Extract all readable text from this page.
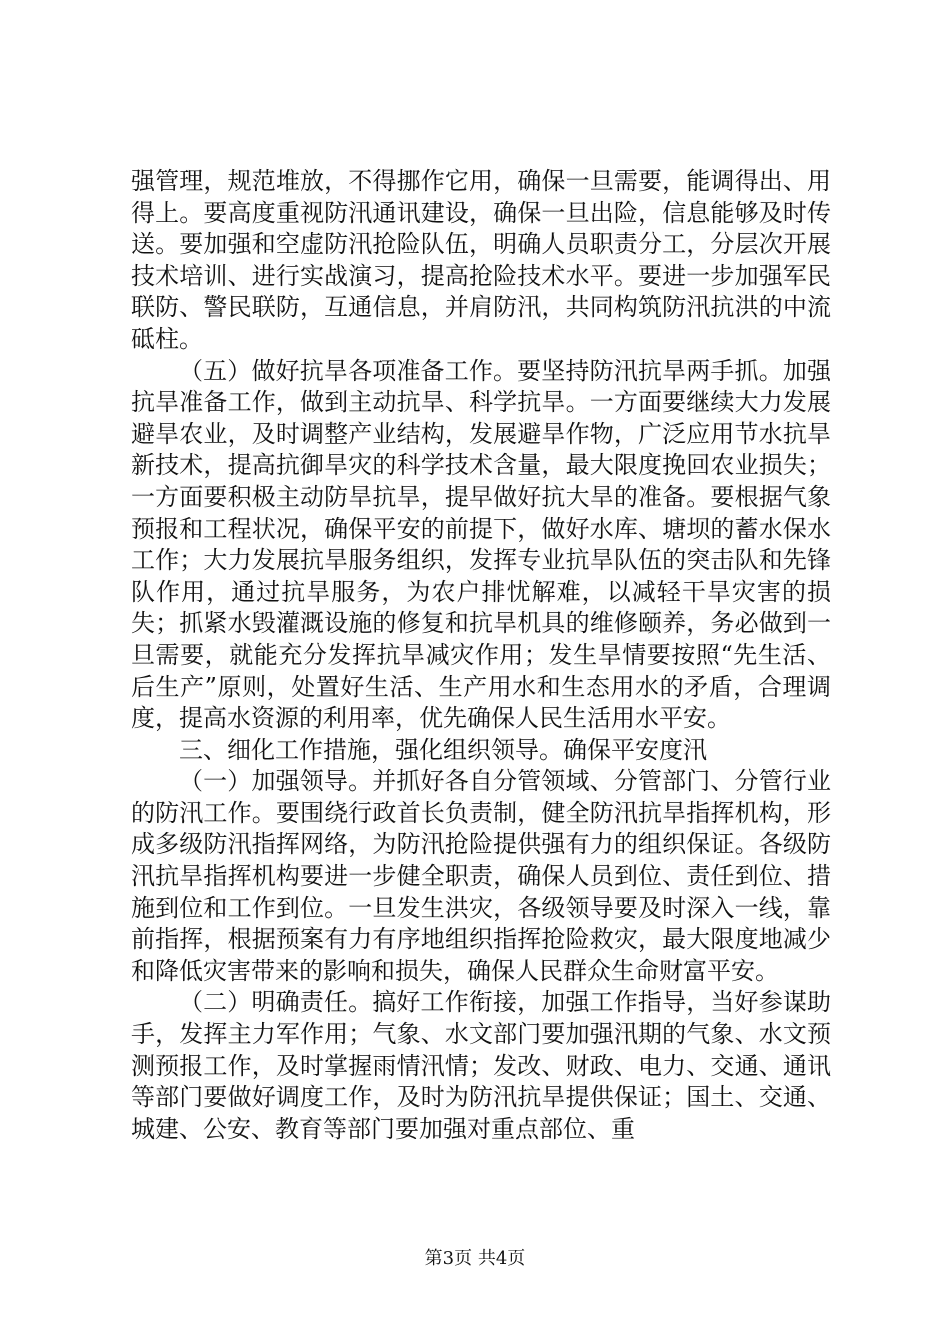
强管理，规范堆放，不得挪作它用，确保一旦需要，能调得出、用得上。要高度重视防汛通讯建设，确保一旦出险，信息能够及时传送。要加强和空虚防汛抢险队伍，明确人员职责分工，分层次开展技术培训、进行实战演习，提高抢险技术水平。要进一步加强军民联防、警民联防，互通信息，并肩防汛，共同构筑防汛抗洪的中流砥柱。

（五）做好抗旱各项准备工作。要坚持防汛抗旱两手抓。加强抗旱准备工作，做到主动抗旱、科学抗旱。一方面要继续大力发展避旱农业，及时调整产业结构，发展避旱作物，广泛应用节水抗旱新技术，提高抗御旱灾的科学技术含量，最大限度挽回农业损失；一方面要积极主动防旱抗旱，提早做好抗大旱的准备。要根据气象预报和工程状况，确保平安的前提下，做好水库、塘坝的蓄水保水工作；大力发展抗旱服务组织，发挥专业抗旱队伍的突击队和先锋队作用，通过抗旱服务，为农户排忧解难，以减轻干旱灾害的损失；抓紧水毁灌溉设施的修复和抗旱机具的维修颐养，务必做到一旦需要，就能充分发挥抗旱减灾作用；发生旱情要按照“先生活、后生产”原则，处置好生活、生产用水和生态用水的矛盾，合理调度，提高水资源的利用率，优先确保人民生活用水平安。

三、细化工作措施，强化组织领导。确保平安度汛

（一）加强领导。并抓好各自分管领域、分管部门、分管行业的防汛工作。要围绕行政首长负责制，健全防汛抗旱指挥机构，形成多级防汛指挥网络，为防汛抢险提供强有力的组织保证。各级防汛抗旱指挥机构要进一步健全职责，确保人员到位、责任到位、措施到位和工作到位。一旦发生洪灾，各级领导要及时深入一线，靠前指挥，根据预案有力有序地组织指挥抢险救灾，最大限度地减少和降低灾害带来的影响和损失，确保人民群众生命财富平安。

（二）明确责任。搞好工作衔接，加强工作指导，当好参谋助手，发挥主力军作用；气象、水文部门要加强汛期的气象、水文预测预报工作，及时掌握雨情汛情；发改、财政、电力、交通、通讯等部门要做好调度工作，及时为防汛抗旱提供保证；国土、交通、城建、公安、教育等部门要加强对重点部位、重

第3页 共4页
